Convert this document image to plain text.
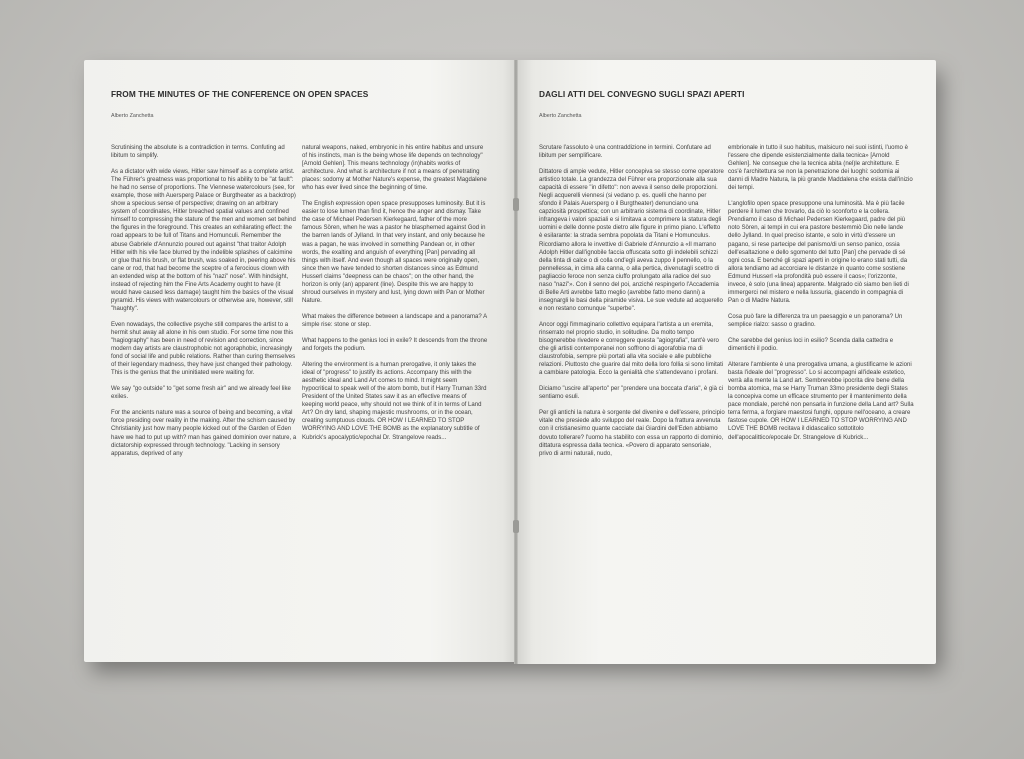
FROM THE MINUTES OF THE CONFERENCE ON OPEN SPACES
Alberto Zanchetta

Scrutinising the absolute is a contradiction in terms. Confuting ad libitum to simplify.

As a dictator with wide views, Hitler saw himself as a complete artist. The Führer's greatness was proportional to his ability to be "at fault": he had no sense of proportions. The Viennese watercolours (see, for example, those with Auersperg Palace or Burgtheater as a backdrop) show a specious sense of perspective; drawing on an arbitrary system of coordinates, Hitler breached spatial values and confined himself to compressing the stature of the men and women set behind the figures in the foreground. This creates an exhilarating effect: the road appears to be full of Titans and Homunculi. Remember the abuse Gabriele d'Annunzio poured out against "that traitor Adolph Hitler with his vile face blurred by the indelible splashes of calcimine or glue that his brush, or flat brush, was soaked in, peering above his cane or rod, that had become the sceptre of a ferocious clown with an extended wisp at the bottom of his "nazi" nose". With hindsight, instead of rejecting him the Fine Arts Academy ought to have (it would have caused less damage) taught him the basics of the visual pyramid. His views with watercolours or otherwise are, however, still "haughty".

Even nowadays, the collective psyche still compares the artist to a hermit shut away all alone in his own studio. For some time now this "hagiography" has been in need of revision and correction, since modern day artists are claustrophobic not agoraphobic, increasingly fond of social life and public relations. Rather than curing themselves of their legendary madness, they have just changed their pathology. This is the genius that the uninitiated were waiting for.

We say "go outside" to "get some fresh air" and we already feel like exiles.

For the ancients nature was a source of being and becoming, a vital force presiding over reality in the making. After the schism caused by Christianity just how many people kicked out of the Garden of Eden have we had to put up with? man has gained dominion over nature, a dictatorship expressed through technology. "Lacking in sensory apparatus, deprived of any

natural weapons, naked, embryonic in his entire habitus and unsure of his instincts, man is the being whose life depends on technology" [Arnold Gehlen]. This means technology (in)habits works of architecture. And what is architecture if not a means of penetrating places: sodomy at Mother Nature's expense, the greatest Magdalene who has ever lived since the beginning of time.

The English expression open space presupposes luminosity. But it is easier to lose lumen than find it, hence the anger and dismay. Take the case of Michael Pedersen Kierkegaard, father of the more famous Sören, when he was a pastor he blasphemed against God in the barren lands of Jylland. In that very instant, and only because he was a pagan, he was involved in something Pandean or, in other words, the exalting and anguish of everything [Pan] pervading all things with itself. And even though all spaces were originally open, since then we have tended to shorten distances since as Edmund Husserl claims "deepness can be chaos"; on the other hand, the horizon is only (an) apparent (line). Despite this we are happy to shroud ourselves in mystery and lust, lying down with Pan or Mother Nature.

What makes the difference between a landscape and a panorama? A simple rise: stone or step.

What happens to the genius loci in exile? It descends from the throne and forgets the podium.

Altering the environment is a human prerogative, it only takes the ideal of "progress" to justify its actions. Accompany this with the aesthetic ideal and Land Art comes to mind. It might seem hypocritical to speak well of the atom bomb, but if Harry Truman 33rd President of the United States saw it as an effective means of keeping world peace, why should not we think of it in terms of Land Art? On dry land, shaping majestic mushrooms, or in the ocean, creating sumptuous clouds. OR HOW I LEARNED TO STOP WORRYING AND LOVE THE BOMB as the explanatory subtitle of Kubrick's apocalyptic/epochal Dr. Strangelove reads...

DAGLI ATTI DEL CONVEGNO SUGLI SPAZI APERTI
Alberto Zanchetta

Scrutare l'assoluto è una contraddizione in termini. Confutare ad libitum per semplificare.

Dittatore di ampie vedute, Hitler concepiva se stesso come operatore artistico totale. La grandezza del Führer era proporzionale alla sua capacità di essere "in difetto": non aveva il senso delle proporzioni. Negli acquerelli viennesi (si vedano p. es. quelli che hanno per sfondo il Palais Auersperg o il Burgtheater) denunciano una capziosità prospettica; con un arbitrario sistema di coordinate, Hitler infrangeva i valori spaziali e si limitava a comprimere la statura degli uomini e delle donne poste dietro alle figure in primo piano. L'effetto è esilarante: la strada sembra popolata da Titani e Homunculus. Ricordiamo allora le invettive di Gabriele d'Annunzio a «Il marrano Adolph Hitler dall'ignobile faccia offuscata sotto gli indelebili schizzi della tinta di calce o di colla ond'egli aveva zuppo il pennello, o la pennellessa, in cima alla canna, o alla pertica, divenutagli scettro di pagliaccio feroce non senza ciuffo prolungato alla radice del suo naso "nazi"». Con il senno del poi, anziché respingerlo l'Accademia di Belle Arti avrebbe fatto meglio (avrebbe fatto meno danni) a insegnargli le basi della piramide visiva. Le sue vedute ad acquerello e non restano comunque "superbe".

Ancor oggi l'immaginario collettivo equipara l'artista a un eremita, rinserrato nel proprio studio, in solitudine. Da molto tempo bisognerebbe rivedere e correggere questa "agiografia", tant'è vero che gli artisti contemporanei non soffrono di agorafobia ma di claustrofobia, sempre più portati alla vita sociale e alle pubbliche relazioni. Piuttosto che guarire dal mito della loro follia si sono limitati a cambiare patologia. Ecco la genialità che s'attendevano i profani.

Diciamo "uscire all'aperto" per "prendere una boccata d'aria", è già ci sentiamo esuli.

Per gli antichi la natura è sorgente del divenire e dell'essere, principio vitale che presiede allo sviluppo del reale. Dopo la frattura avvenuta con il cristianesimo quante cacciate dai Giardini dell'Eden abbiamo dovuto tollerare? l'uomo ha stabilito con essa un rapporto di dominio, dittatura espressa dalla tecnica. «Povero di apparato sensoriale, privo di armi naturali, nudo,

embrionale in tutto il suo habitus, malsicuro nei suoi istinti, l'uomo è l'essere che dipende esistenzialmente dalla tecnica» [Arnold Gehlen]. Ne consegue che la tecnica abita (nel)le architetture. E cos'è l'architettura se non la penetrazione dei luoghi: sodomia ai danni di Madre Natura, la più grande Maddalena che esista dall'inizio dei tempi.

L'anglofilo open space presuppone una luminosità. Ma è più facile perdere il lumen che trovarlo, da ciò lo sconforto e la collera. Prendiamo il caso di Michael Pedersen Kierkegaard, padre del più noto Sören, ai tempi in cui era pastore bestemmiò Dio nelle lande dello Jylland. In quel preciso istante, e solo in virtù d'essere un pagano, si rese partecipe del panismo/di un senso panico, ossia dell'esaltazione e dello sgomento del tutto [Pan] che pervade di sé ogni cosa. E benché gli spazi aperti in origine lo erano stati tutti, da allora tendiamo ad accorciare le distanze in quanto come sostiene Edmund Husserl «la profondità può essere il caos»; l'orizzonte, invece, è solo (una linea) apparente. Malgrado ciò siamo ben lieti di immergerci nel mistero e nella lussuria, giacendo in compagnia di Pan o di Madre Natura.

Cosa può fare la differenza tra un paesaggio e un panorama? Un semplice rialzo: sasso o gradino.

Che sarebbe del genius loci in esilio? Scenda dalla cattedra e dimentichi il podio.

Alterare l'ambiente è una prerogativa umana, a giustificarne le azioni basta l'ideale del "progresso". Lo si accompagni all'ideale estetico, verrà alla mente la Land art. Sembrerebbe ipocrita dire bene della bomba atomica, ma se Harry Truman 33mo presidente degli States la concepiva come un efficace strumento per il mantenimento della pace mondiale, perché non pensarla in funzione della Land art? Sulla terra ferma, a forgiare maestosi funghi, oppure nell'oceano, a creare fastose cupole. OR HOW I LEARNED TO STOP WORRYING AND LOVE THE BOMB recitava il didascalico sottotitolo dell'apocalittico/epocale Dr. Strangelove di Kubrick...
